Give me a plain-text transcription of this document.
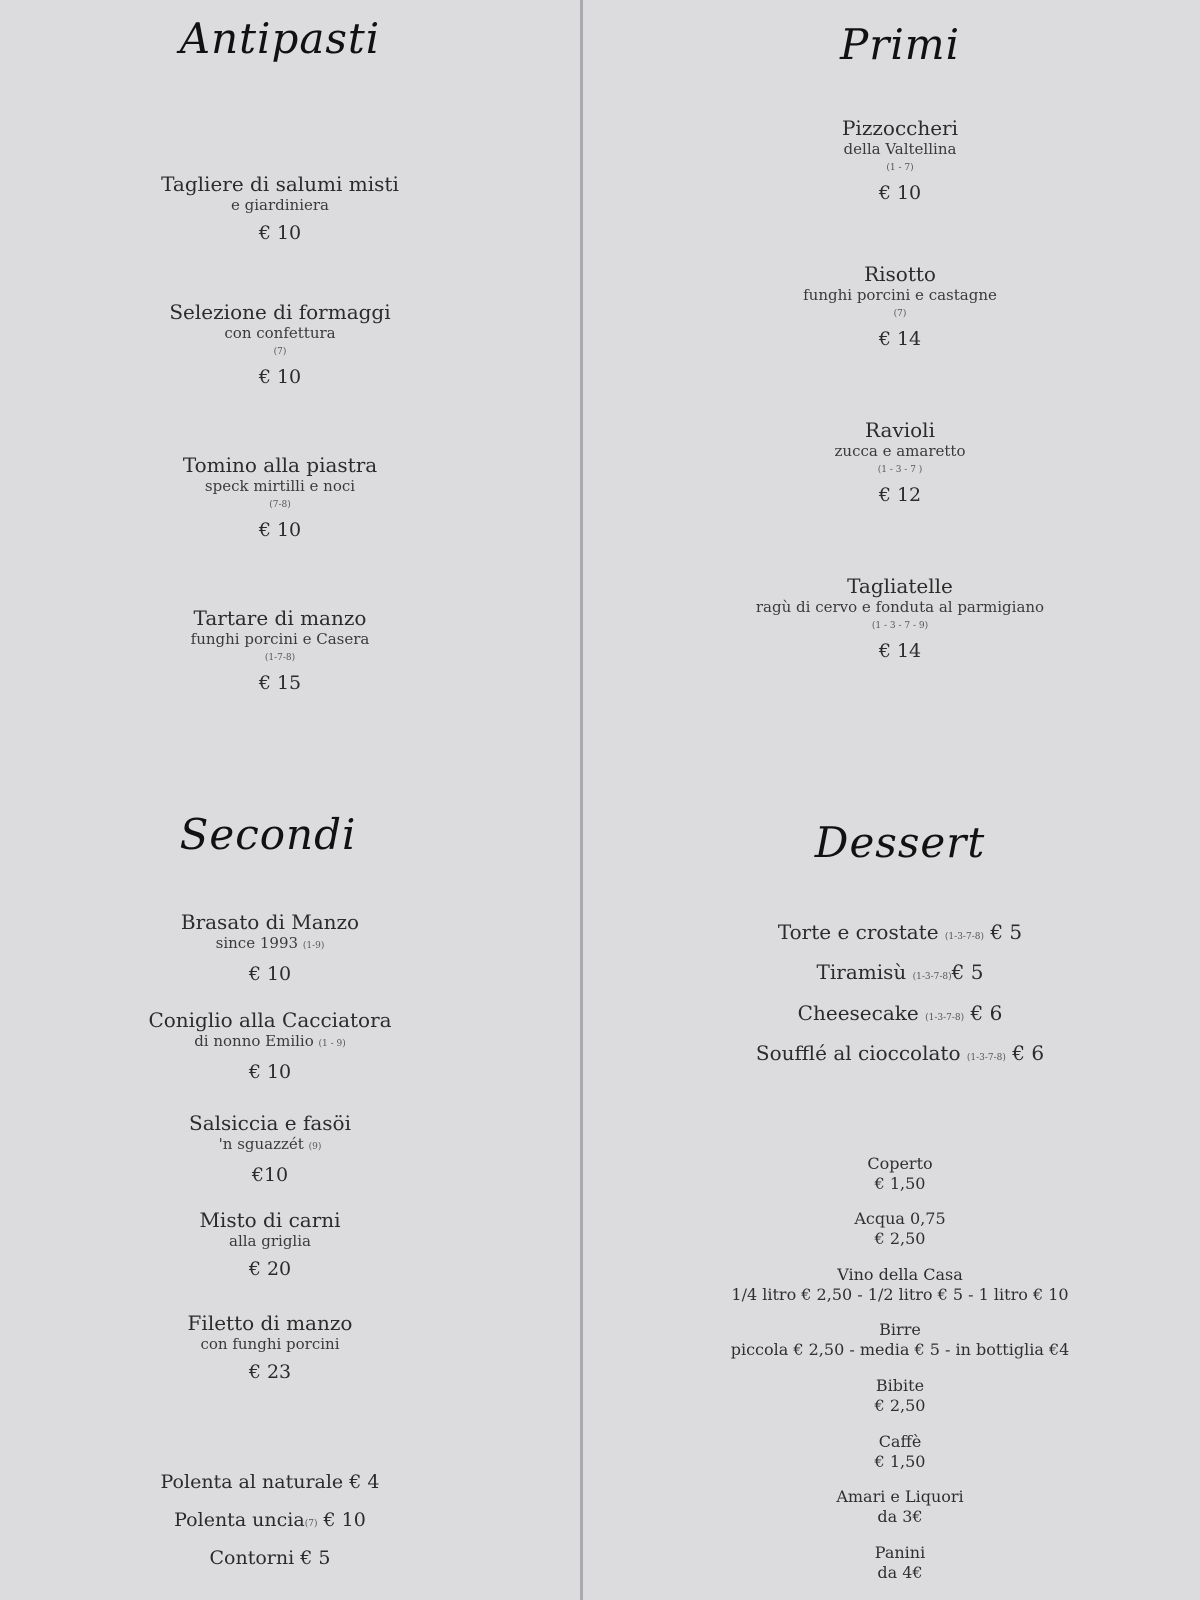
Antipasti
Tagliere di salumi misti
e giardiniera
€ 10
Selezione di formaggi
con confettura
(7)
€ 10
Tomino alla piastra
speck mirtilli e noci
(7-8)
€ 10
Tartare di manzo
funghi porcini e Casera
(1-7-8)
€ 15
Secondi
Brasato di Manzo
since 1993 (1-9)
€ 10
Coniglio alla Cacciatora
di nonno Emilio (1 - 9)
€ 10
Salsiccia e fasöi
'n sguazzét (9)
€10
Misto di carni
alla griglia
€ 20
Filetto di manzo
con funghi porcini
€ 23
Polenta al naturale € 4
Polenta uncia(7) € 10
Contorni € 5
Primi
Pizzoccheri
della Valtellina
(1 - 7)
€ 10
Risotto
funghi porcini e castagne
(7)
€ 14
Ravioli
zucca e amaretto
(1 - 3 - 7 )
€ 12
Tagliatelle
ragù di cervo e fonduta al parmigiano
(1 - 3 - 7 - 9)
€ 14
Dessert
Torte e crostate (1-3-7-8) € 5
Tiramisù (1-3-7-8)€ 5
Cheesecake (1-3-7-8) € 6
Soufflé al cioccolato (1-3-7-8) € 6
Coperto
€ 1,50
Acqua 0,75
€ 2,50
Vino della Casa
1/4 litro € 2,50 - 1/2 litro € 5 - 1 litro € 10
Birre
piccola € 2,50 - media € 5 - in bottiglia €4
Bibite
€ 2,50
Caffè
€ 1,50
Amari e Liquori
da 3€
Panini
da 4€
